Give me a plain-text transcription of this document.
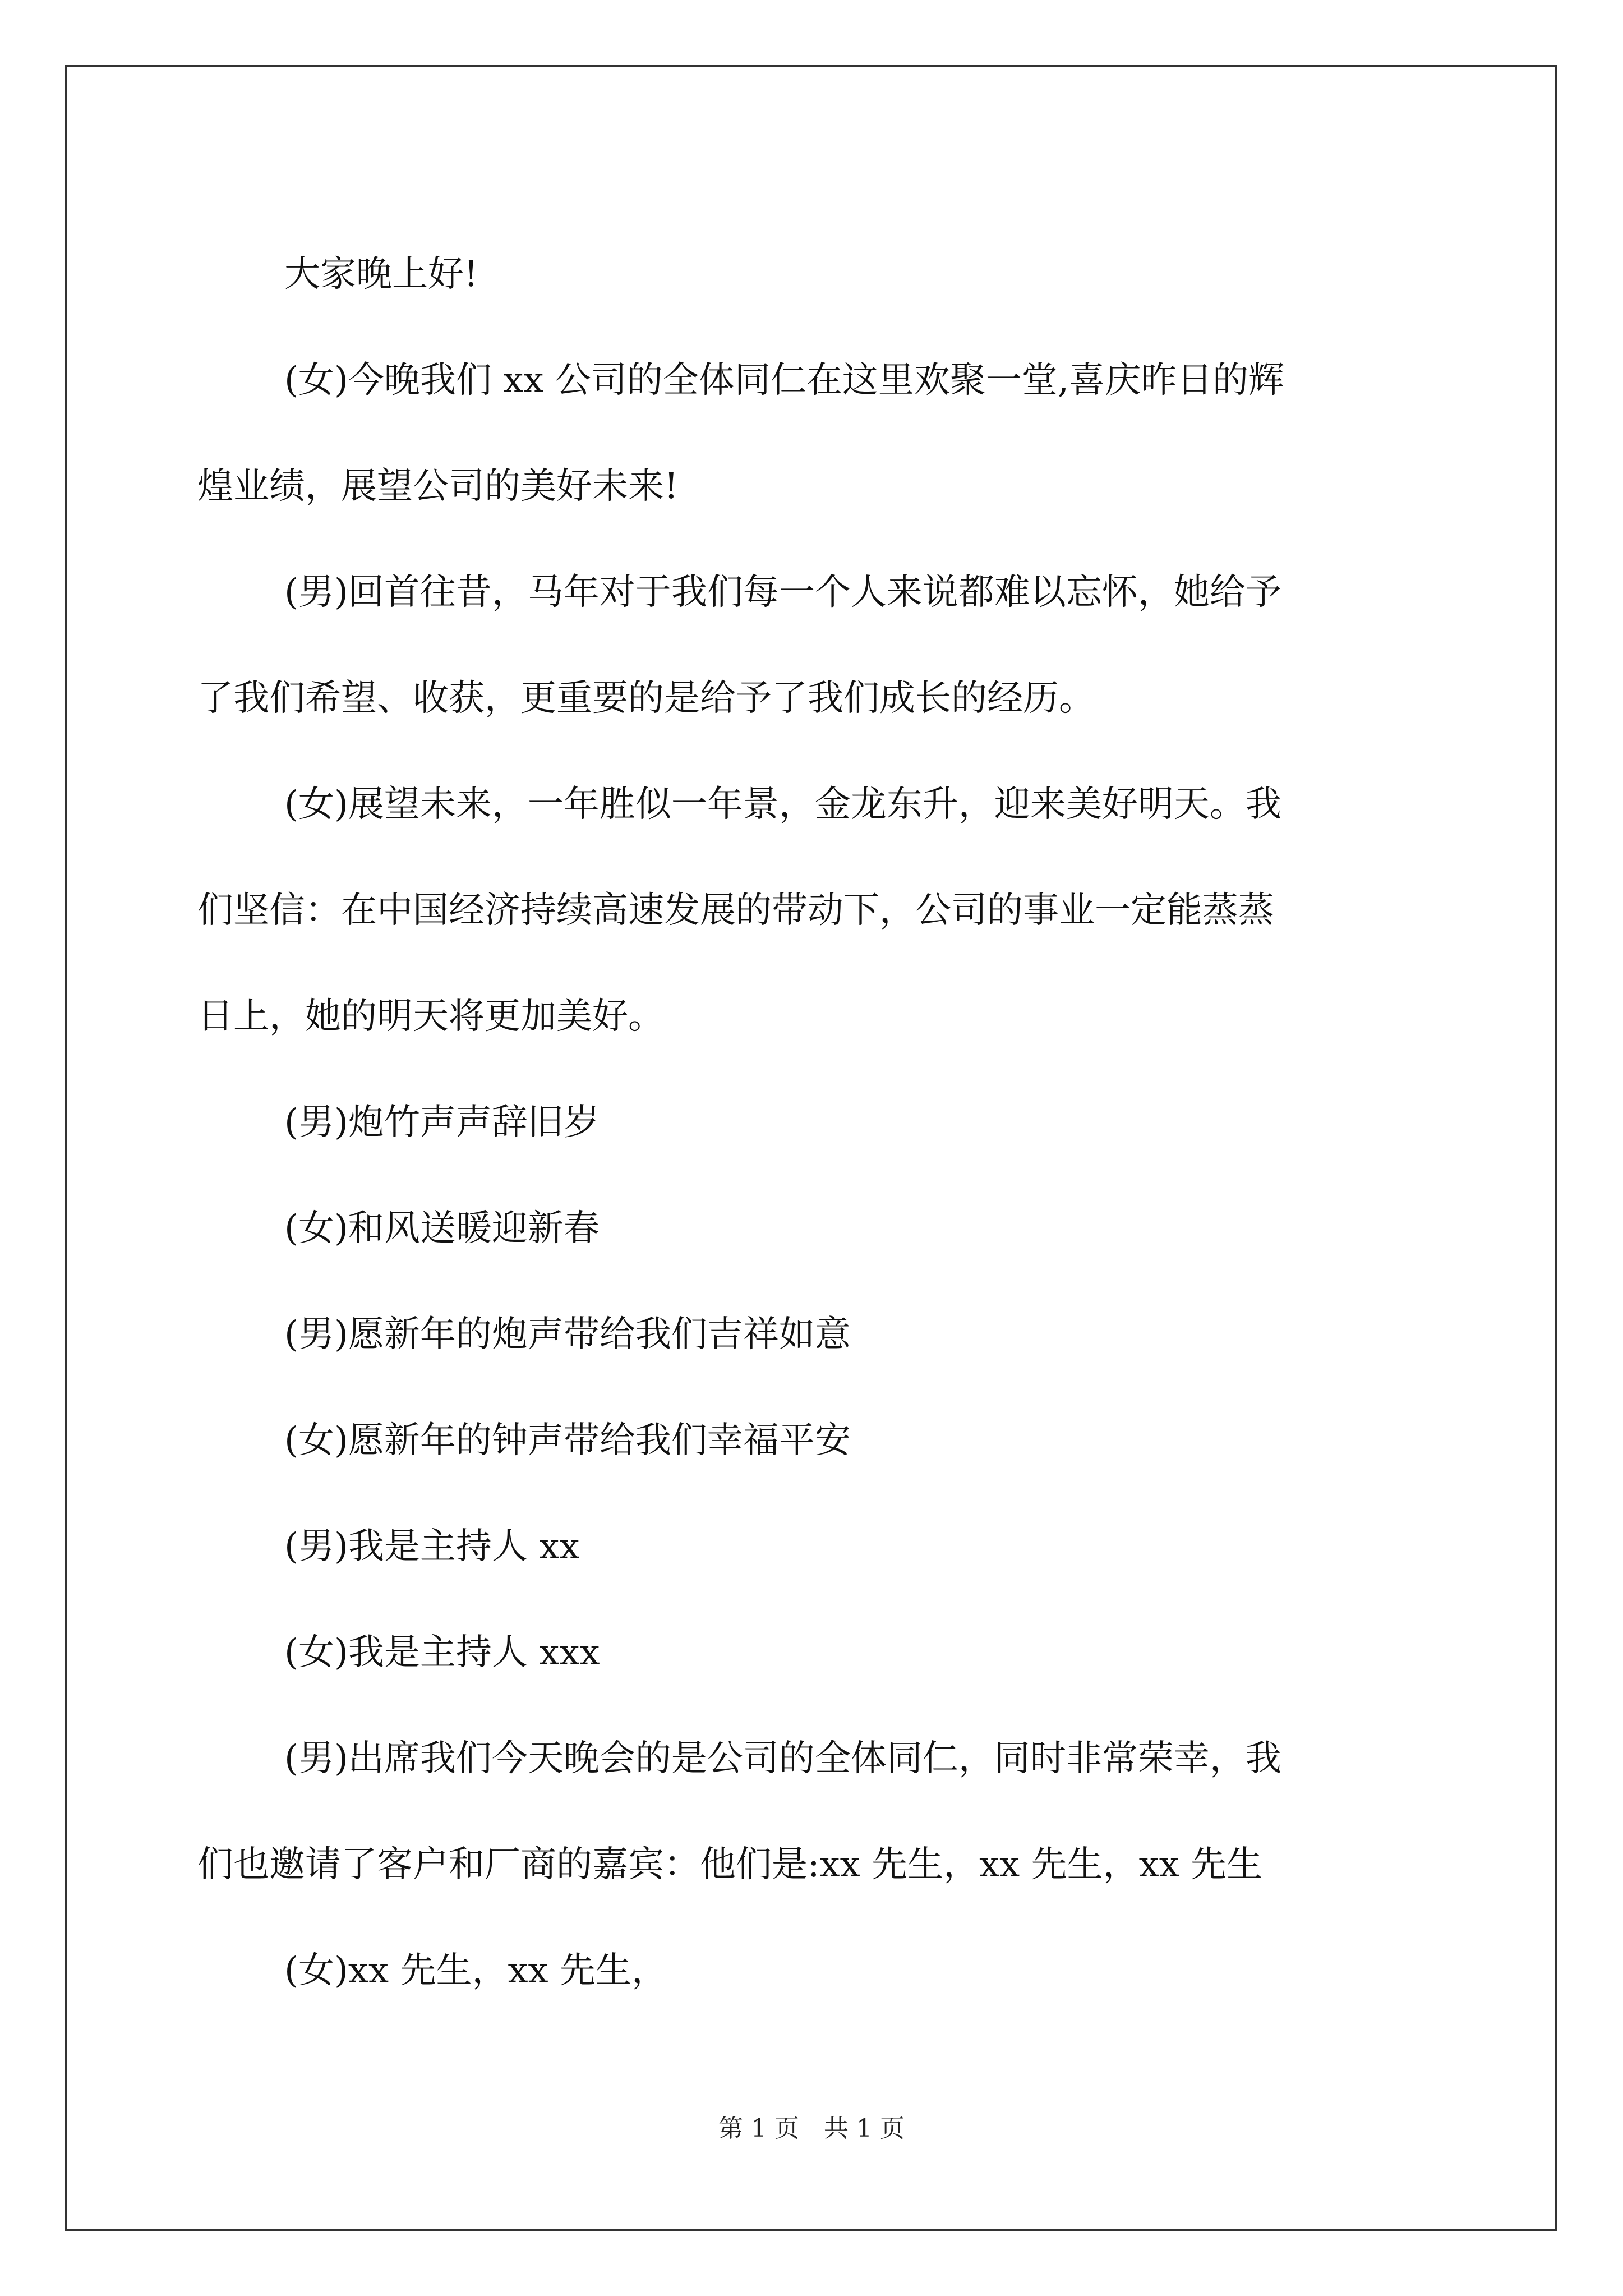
大家晚上好!
(女)今晚我们 xx 公司的全体同仁在这里欢聚一堂,喜庆昨日的辉
煌业绩，展望公司的美好未来!
(男)回首往昔，马年对于我们每一个人来说都难以忘怀，她给予
了我们希望、收获，更重要的是给予了我们成长的经历。
(女)展望未来，一年胜似一年景，金龙东升，迎来美好明天。我
们坚信：在中国经济持续高速发展的带动下，公司的事业一定能蒸蒸
日上，她的明天将更加美好。
(男)炮竹声声辞旧岁
(女)和风送暖迎新春
(男)愿新年的炮声带给我们吉祥如意
(女)愿新年的钟声带给我们幸福平安
(男)我是主持人 xx
(女)我是主持人 xxx
(男)出席我们今天晚会的是公司的全体同仁，同时非常荣幸，我
们也邀请了客户和厂商的嘉宾：他们是:xx 先生，xx 先生，xx 先生
(女)xx 先生，xx 先生，
第 1 页　共 1 页
